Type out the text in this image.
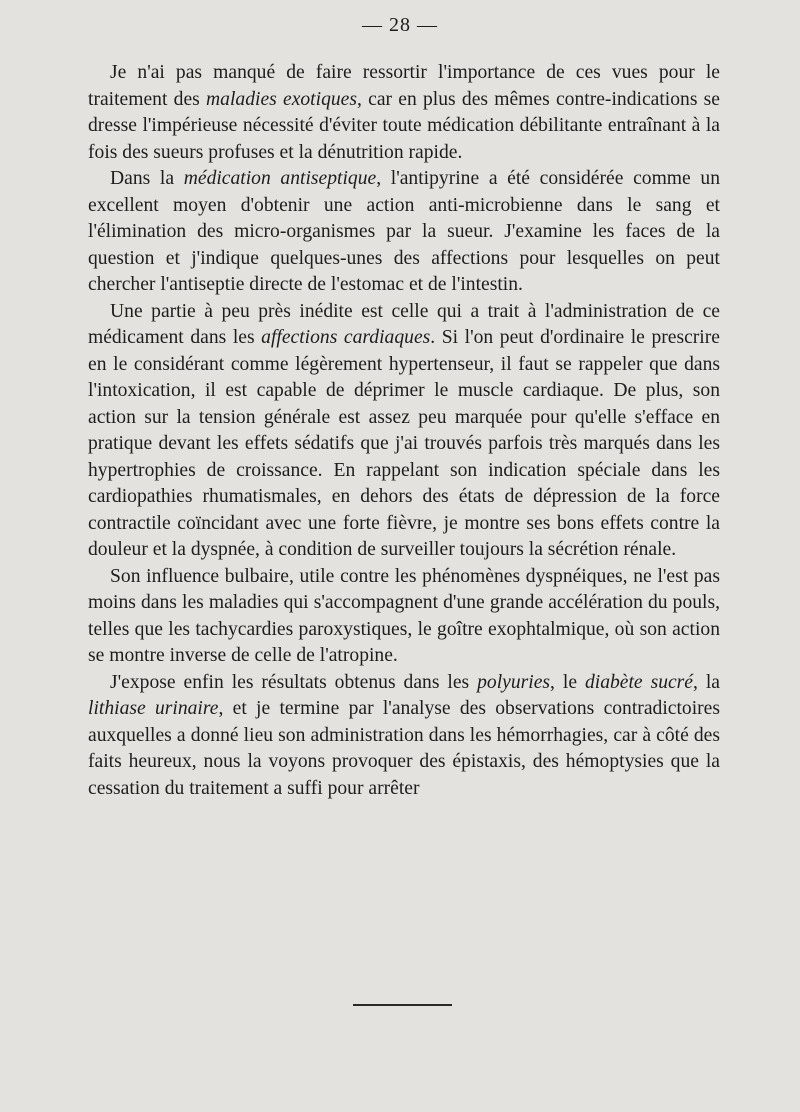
— 28 —

Je n'ai pas manqué de faire ressortir l'importance de ces vues pour le traitement des maladies exotiques, car en plus des mêmes contre-indications se dresse l'impérieuse nécessité d'éviter toute médication débilitante entraînant à la fois des sueurs profuses et la dénutrition rapide.

Dans la médication antiseptique, l'antipyrine a été considérée comme un excellent moyen d'obtenir une action anti-microbienne dans le sang et l'élimination des micro-organismes par la sueur. J'examine les faces de la question et j'indique quelques-unes des affections pour lesquelles on peut chercher l'antiseptie directe de l'estomac et de l'intestin.

Une partie à peu près inédite est celle qui a trait à l'administration de ce médicament dans les affections cardiaques. Si l'on peut d'ordinaire le prescrire en le considérant comme légèrement hypertenseur, il faut se rappeler que dans l'intoxication, il est capable de déprimer le muscle cardiaque. De plus, son action sur la tension générale est assez peu marquée pour qu'elle s'efface en pratique devant les effets sédatifs que j'ai trouvés parfois très marqués dans les hypertrophies de croissance. En rappelant son indication spéciale dans les cardiopathies rhumatismales, en dehors des états de dépression de la force contractile coïncidant avec une forte fièvre, je montre ses bons effets contre la douleur et la dyspnée, à condition de surveiller toujours la sécrétion rénale.

Son influence bulbaire, utile contre les phénomènes dyspnéiques, ne l'est pas moins dans les maladies qui s'accompagnent d'une grande accélération du pouls, telles que les tachycardies paroxystiques, le goître exophtalmique, où son action se montre inverse de celle de l'atropine.

J'expose enfin les résultats obtenus dans les polyuries, le diabète sucré, la lithiase urinaire, et je termine par l'analyse des observations contradictoires auxquelles a donné lieu son administration dans les hémorrhagies, car à côté des faits heureux, nous la voyons provoquer des épistaxis, des hémoptysies que la cessation du traitement a suffi pour arrêter
